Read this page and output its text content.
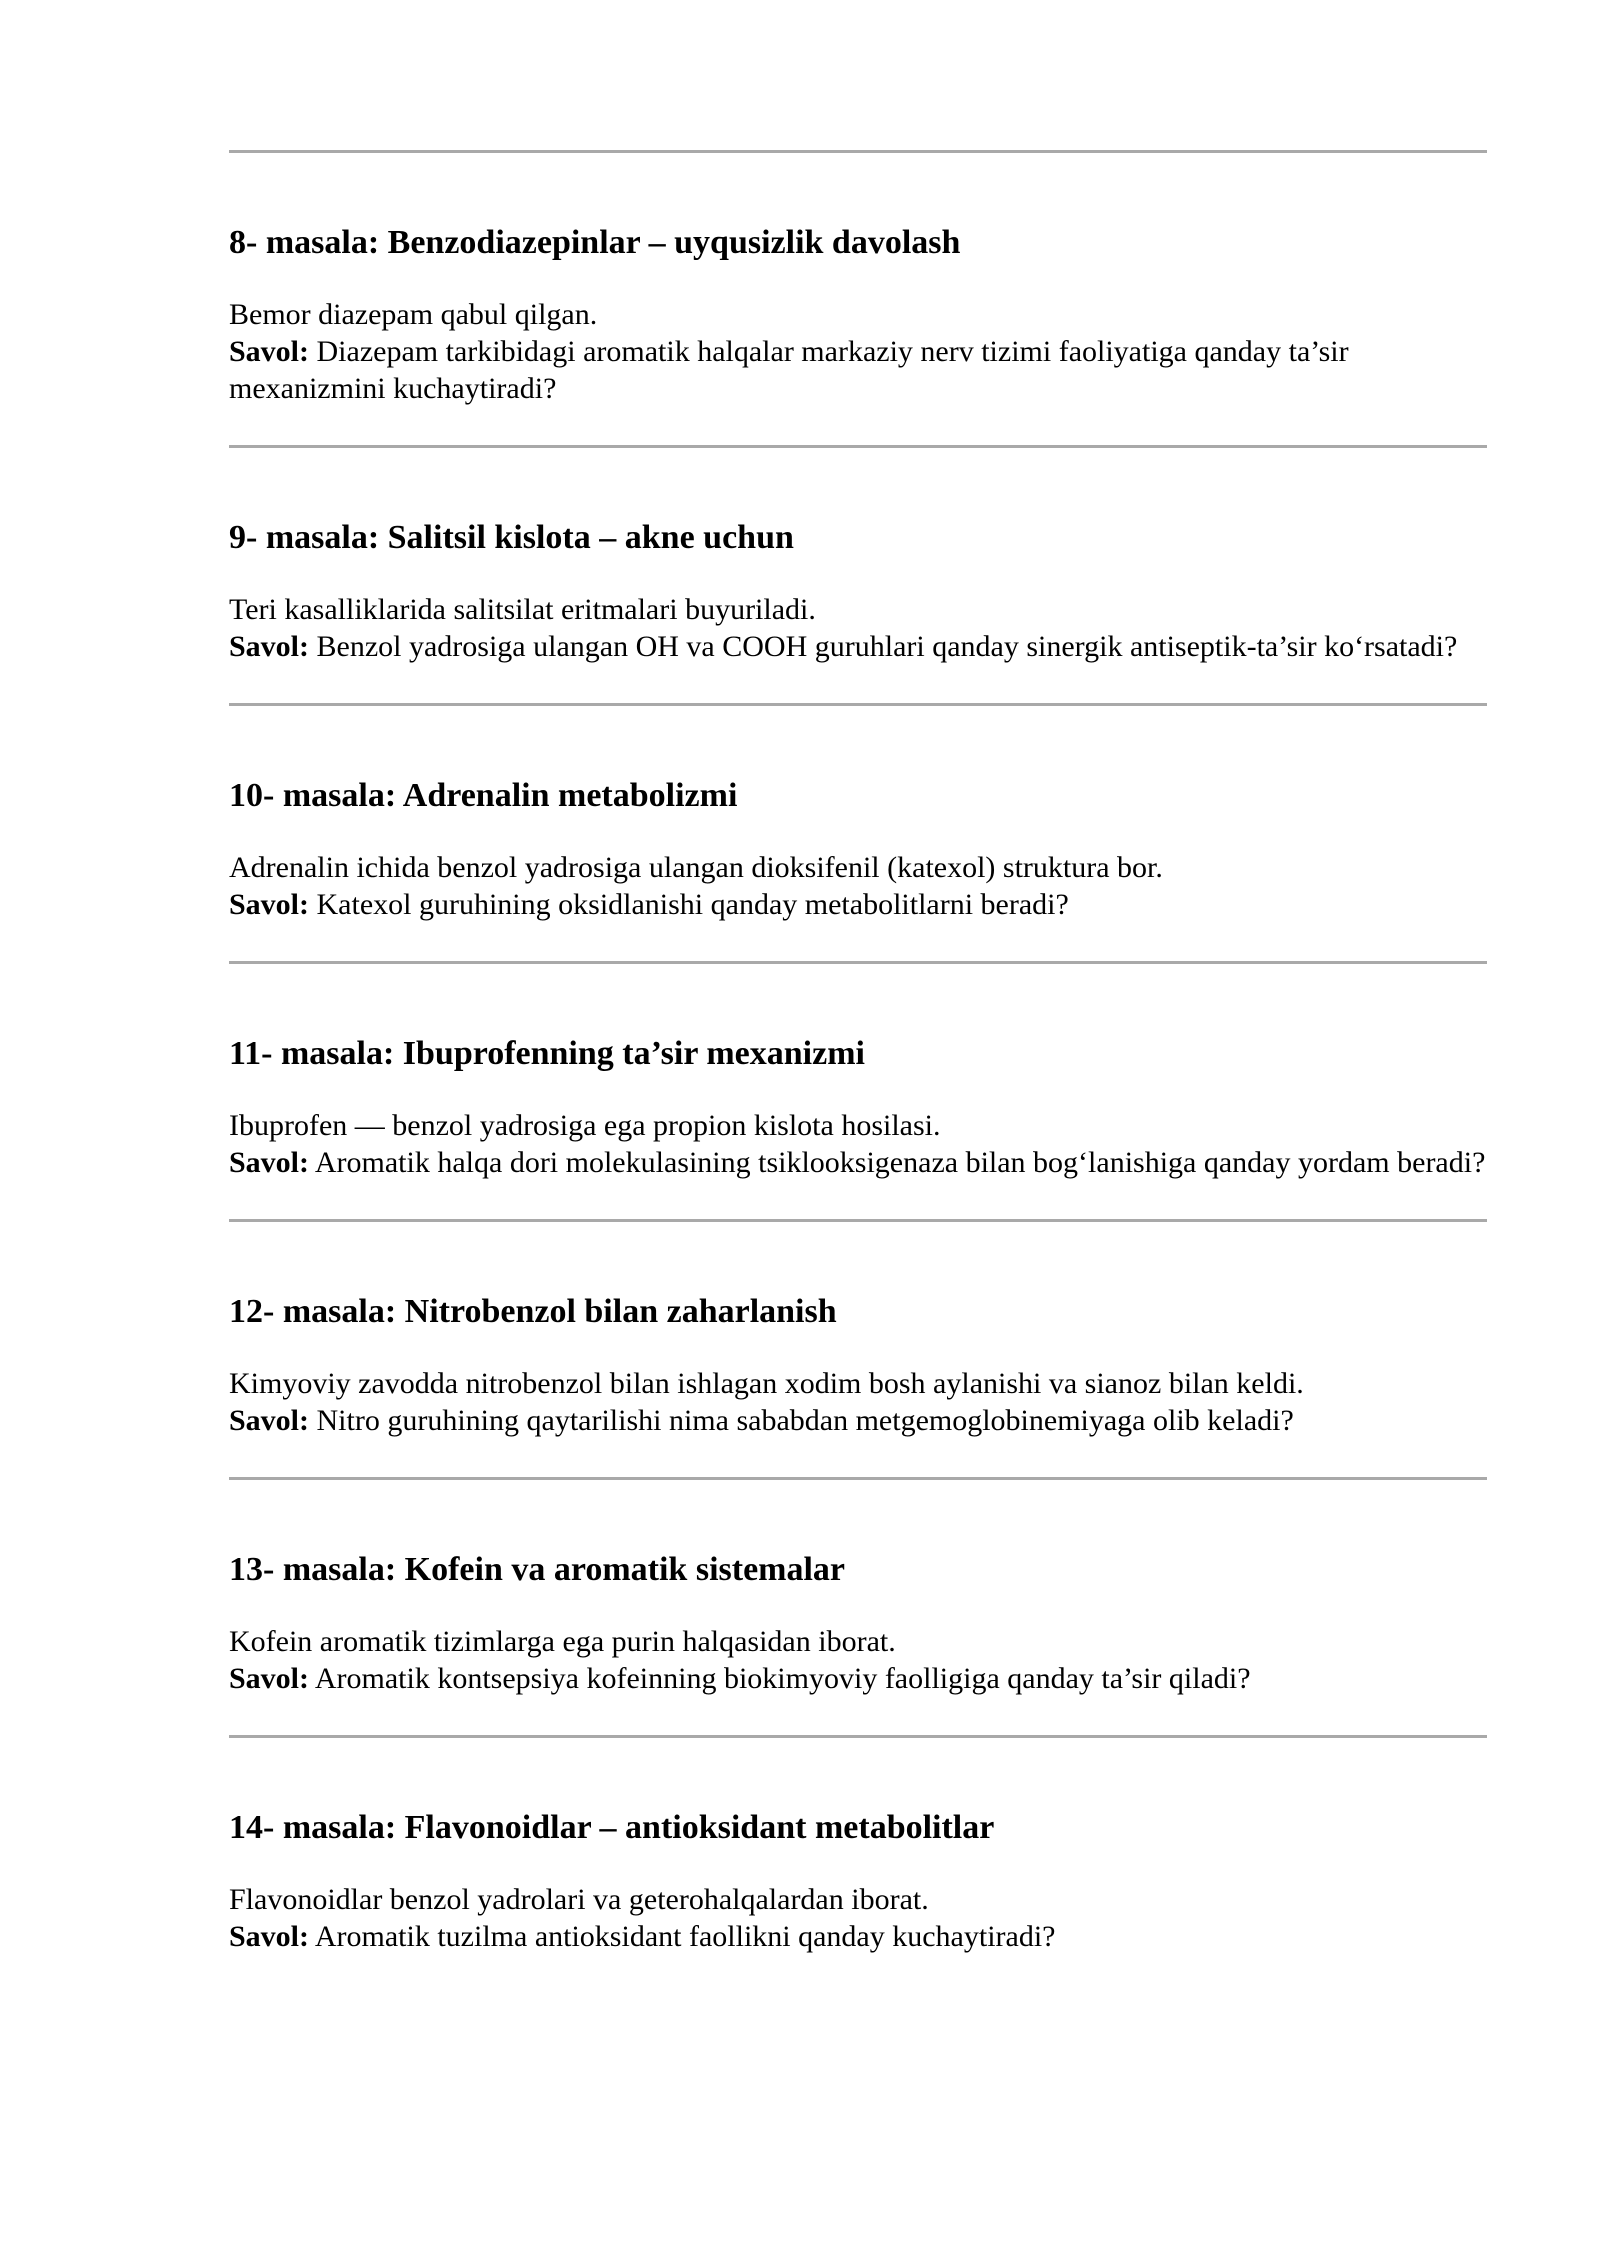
8- masala: Benzodiazepinlar – uyqusizlik davolash

Bemor diazepam qabul qilgan.

Savol: Diazepam tarkibidagi aromatik halqalar markaziy nerv tizimi faoliyatiga qanday ta’sir mexanizmini kuchaytiradi?

9- masala: Salitsil kislota – akne uchun

Teri kasalliklarida salitsilat eritmalari buyuriladi.

Savol: Benzol yadrosiga ulangan OH va COOH guruhlari qanday sinergik antiseptik-ta’sir ko‘rsatadi?

10- masala: Adrenalin metabolizmi

Adrenalin ichida benzol yadrosiga ulangan dioksifenil (katexol) struktura bor.

Savol: Katexol guruhining oksidlanishi qanday metabolitlarni beradi?

11- masala: Ibuprofenning ta’sir mexanizmi

Ibuprofen — benzol yadrosiga ega propion kislota hosilasi.

Savol: Aromatik halqa dori molekulasining tsiklooksigenaza bilan bog‘lanishiga qanday yordam beradi?

12- masala: Nitrobenzol bilan zaharlanish

Kimyoviy zavodda nitrobenzol bilan ishlagan xodim bosh aylanishi va sianoz bilan keldi.

Savol: Nitro guruhining qaytarilishi nima sababdan metgemoglobinemiyaga olib keladi?

13- masala: Kofein va aromatik sistemalar

Kofein aromatik tizimlarga ega purin halqasidan iborat.

Savol: Aromatik kontsepsiya kofeinning biokimyoviy faolligiga qanday ta’sir qiladi?

14- masala: Flavonoidlar – antioksidant metabolitlar

Flavonoidlar benzol yadrolari va geterohalqalardan iborat.

Savol: Aromatik tuzilma antioksidant faollikni qanday kuchaytiradi?
